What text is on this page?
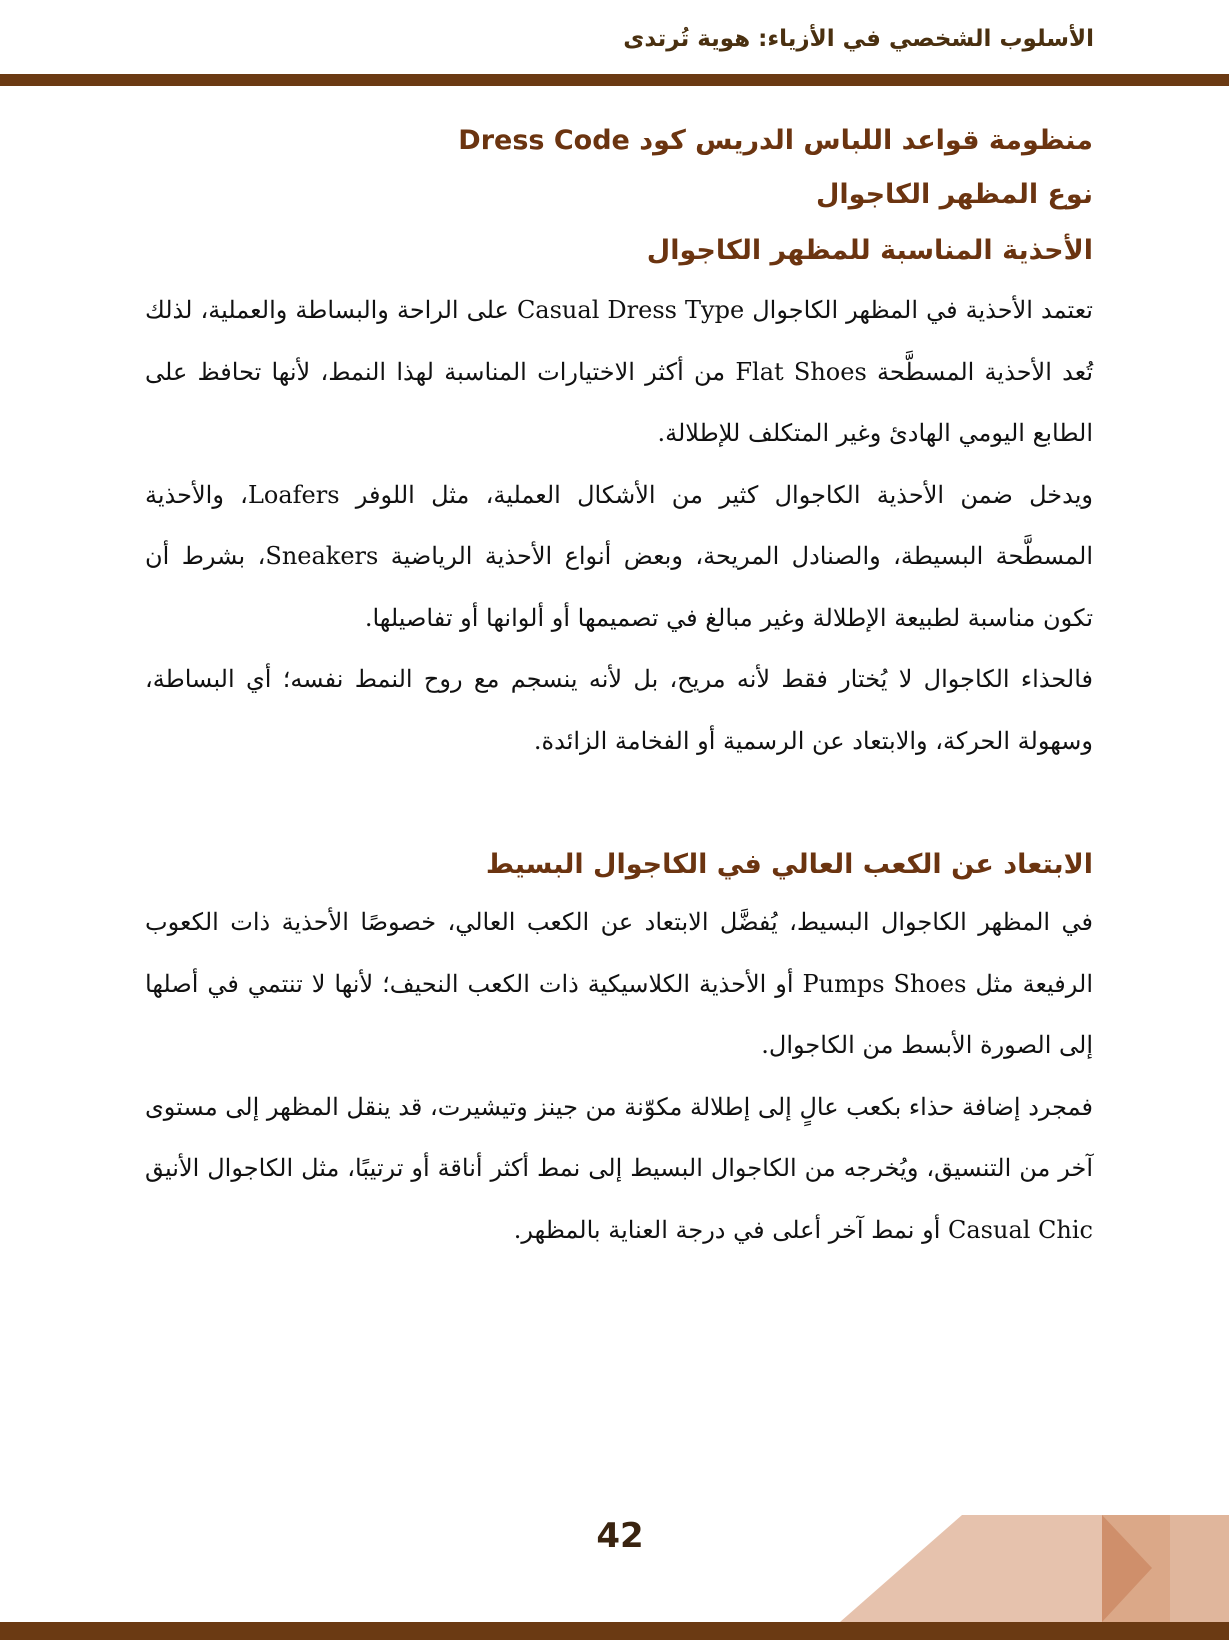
الأسلوب الشخصي في الأزياء: هوية تُرتدى
منظومة قواعد اللباس الدريس كود Dress Code
نوع المظهر الكاجوال
الأحذية المناسبة للمظهر الكاجوال

تعتمد الأحذية في المظهر الكاجوال Casual Dress Type على الراحة والبساطة والعملية، لذلك تُعد الأحذية المسطَّحة Flat Shoes من أكثر الاختيارات المناسبة لهذا النمط، لأنها تحافظ على الطابع اليومي الهادئ وغير المتكلف للإطلالة.

ويدخل ضمن الأحذية الكاجوال كثير من الأشكال العملية، مثل اللوفر Loafers، والأحذية المسطَّحة البسيطة، والصنادل المريحة، وبعض أنواع الأحذية الرياضية Sneakers، بشرط أن تكون مناسبة لطبيعة الإطلالة وغير مبالغ في تصميمها أو ألوانها أو تفاصيلها.

فالحذاء الكاجوال لا يُختار فقط لأنه مريح، بل لأنه ينسجم مع روح النمط نفسه؛ أي البساطة، وسهولة الحركة، والابتعاد عن الرسمية أو الفخامة الزائدة.

الابتعاد عن الكعب العالي في الكاجوال البسيط

في المظهر الكاجوال البسيط، يُفضَّل الابتعاد عن الكعب العالي، خصوصًا الأحذية ذات الكعوب الرفيعة مثل Pumps Shoes أو الأحذية الكلاسيكية ذات الكعب النحيف؛ لأنها لا تنتمي في أصلها إلى الصورة الأبسط من الكاجوال.

فمجرد إضافة حذاء بكعب عالٍ إلى إطلالة مكوّنة من جينز وتيشيرت، قد ينقل المظهر إلى مستوى آخر من التنسيق، ويُخرجه من الكاجوال البسيط إلى نمط أكثر أناقة أو ترتيبًا، مثل الكاجوال الأنيق Casual Chic أو نمط آخر أعلى في درجة العناية بالمظهر.

42
